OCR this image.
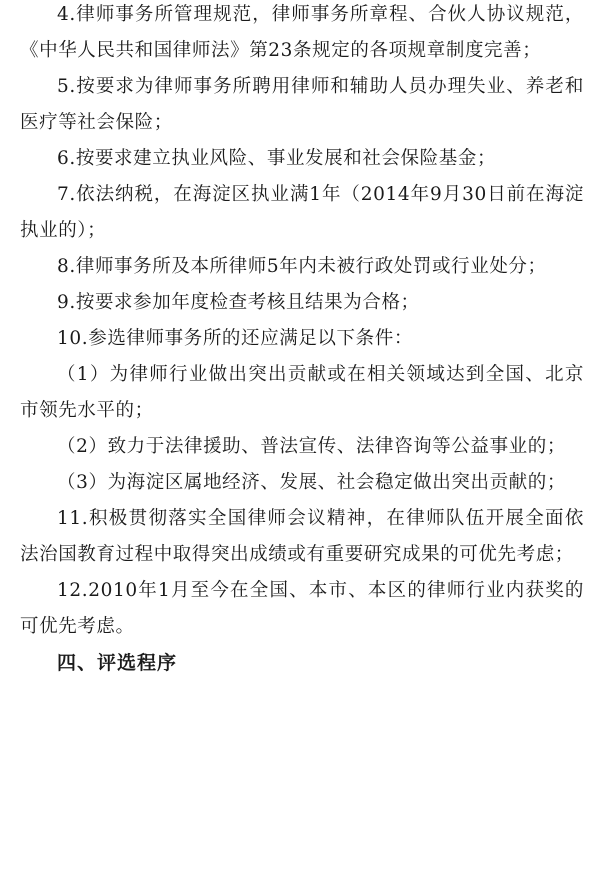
4.律师事务所管理规范，律师事务所章程、合伙人协议规范，《中华人民共和国律师法》第23条规定的各项规章制度完善；

5.按要求为律师事务所聘用律师和辅助人员办理失业、养老和医疗等社会保险；

6.按要求建立执业风险、事业发展和社会保险基金；

7.依法纳税，在海淀区执业满1年（2014年9月30日前在海淀执业的）；

8.律师事务所及本所律师5年内未被行政处罚或行业处分；

9.按要求参加年度检查考核且结果为合格；

10.参选律师事务所的还应满足以下条件：

（1）为律师行业做出突出贡献或在相关领域达到全国、北京市领先水平的；

（2）致力于法律援助、普法宣传、法律咨询等公益事业的；

（3）为海淀区属地经济、发展、社会稳定做出突出贡献的；

11.积极贯彻落实全国律师会议精神，在律师队伍开展全面依法治国教育过程中取得突出成绩或有重要研究成果的可优先考虑；

12.2010年1月至今在全国、本市、本区的律师行业内获奖的可优先考虑。

四、评选程序
